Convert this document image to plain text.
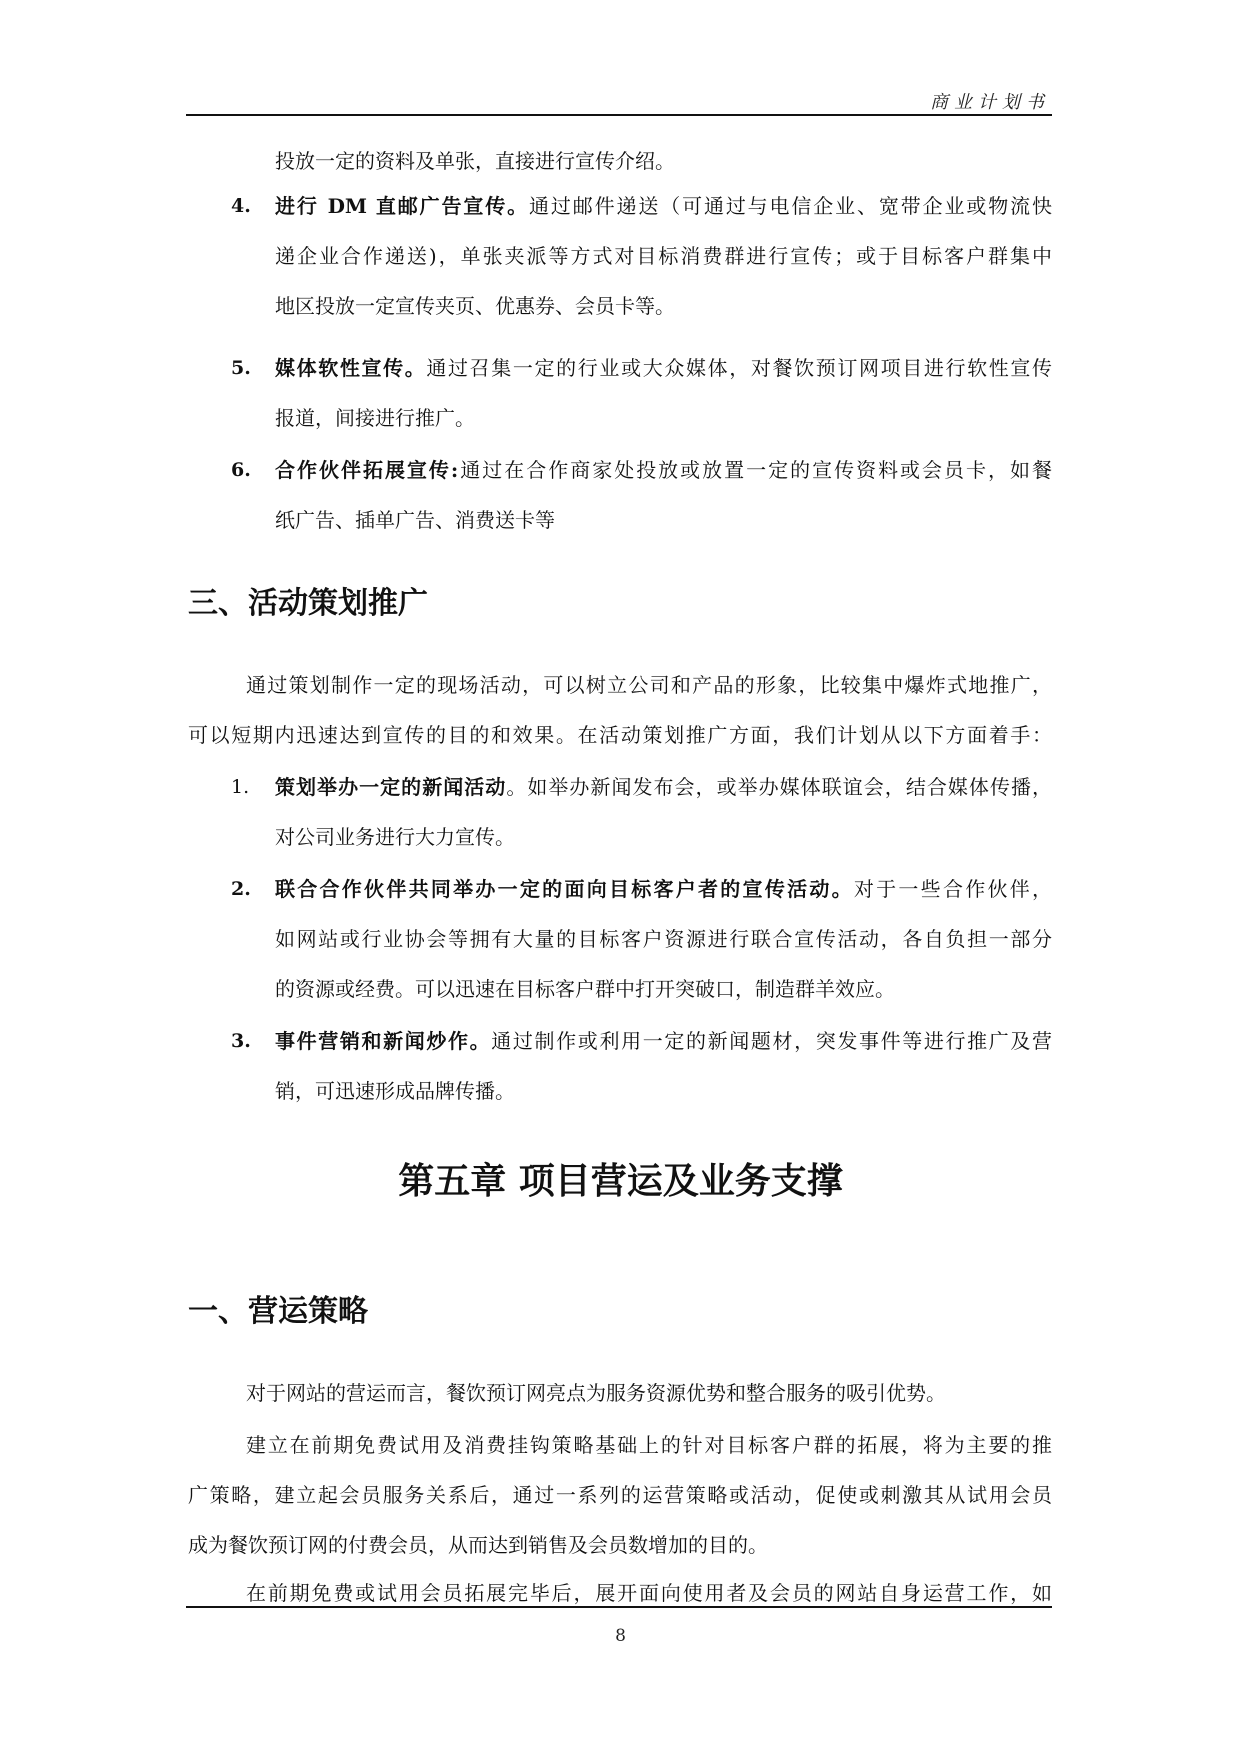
商业计划书
投放一定的资料及单张，直接进行宣传介绍。
4. 进行 DM 直邮广告宣传。通过邮件递送（可通过与电信企业、宽带企业或物流快
递企业合作递送)，单张夹派等方式对目标消费群进行宣传；或于目标客户群集中
地区投放一定宣传夹页、优惠券、会员卡等。
5. 媒体软性宣传。通过召集一定的行业或大众媒体，对餐饮预订网项目进行软性宣传
报道，间接进行推广。
6. 合作伙伴拓展宣传:通过在合作商家处投放或放置一定的宣传资料或会员卡，如餐
纸广告、插单广告、消费送卡等
三、活动策划推广
通过策划制作一定的现场活动，可以树立公司和产品的形象，比较集中爆炸式地推广，
可以短期内迅速达到宣传的目的和效果。在活动策划推广方面，我们计划从以下方面着手：
1. 策划举办一定的新闻活动。如举办新闻发布会，或举办媒体联谊会，结合媒体传播，
对公司业务进行大力宣传。
2. 联合合作伙伴共同举办一定的面向目标客户者的宣传活动。对于一些合作伙伴，
如网站或行业协会等拥有大量的目标客户资源进行联合宣传活动，各自负担一部分
的资源或经费。可以迅速在目标客户群中打开突破口，制造群羊效应。
3. 事件营销和新闻炒作。通过制作或利用一定的新闻题材，突发事件等进行推广及营
销，可迅速形成品牌传播。
第五章 项目营运及业务支撑
一、营运策略
对于网站的营运而言，餐饮预订网亮点为服务资源优势和整合服务的吸引优势。
建立在前期免费试用及消费挂钩策略基础上的针对目标客户群的拓展，将为主要的推
广策略，建立起会员服务关系后，通过一系列的运营策略或活动，促使或刺激其从试用会员
成为餐饮预订网的付费会员，从而达到销售及会员数增加的目的。
在前期免费或试用会员拓展完毕后，展开面向使用者及会员的网站自身运营工作，如
8
